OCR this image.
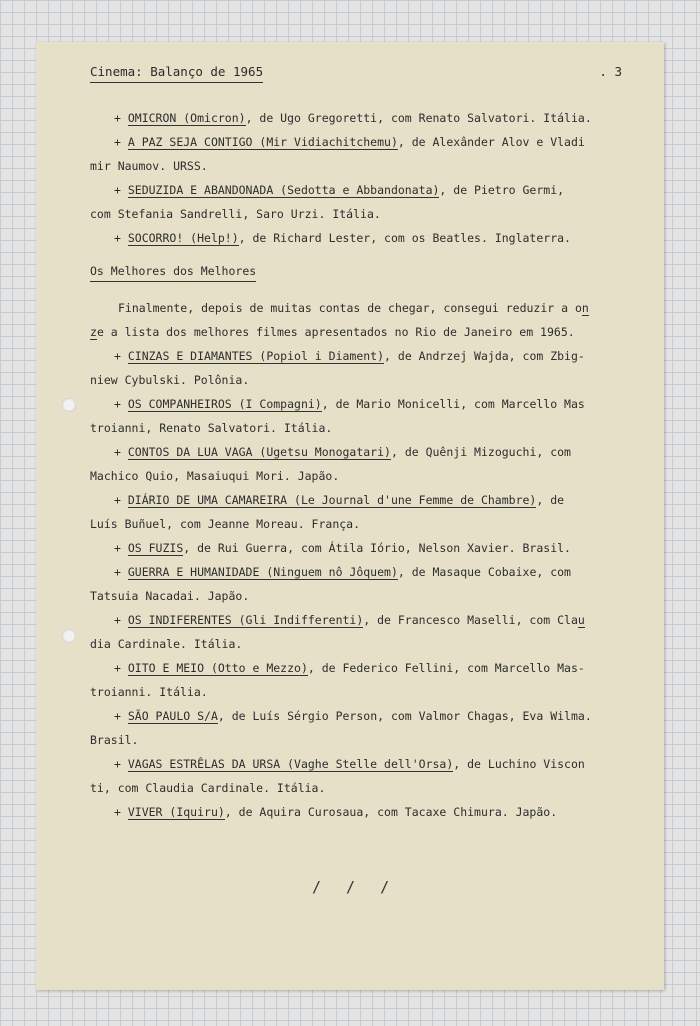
Cinema: Balanço de 1965	. 3
+ OMICRON (Omicron), de Ugo Gregoretti, com Renato Salvatori. Itália.
+ A PAZ SEJA CONTIGO (Mir Vidiachitchemu), de Alexânder Alov e Vladi
mir Naumov. URSS.
+ SEDUZIDA E ABANDONADA (Sedotta e Abbandonata), de Pietro Germi,
com Stefania Sandrelli, Saro Urzi. Itália.
+ SOCORRO! (Help!), de Richard Lester, com os Beatles. Inglaterra.
Os Melhores dos Melhores
Finalmente, depois de muitas contas de chegar, consegui reduzir a on
ze a lista dos melhores filmes apresentados no Rio de Janeiro em 1965.
+ CINZAS E DIAMANTES (Popiol i Diament), de Andrzej Wajda, com Zbig-
niew Cybulski. Polônia.
+ OS COMPANHEIROS (I Compagni), de Mario Monicelli, com Marcello Mas
troianni, Renato Salvatori. Itália.
+ CONTOS DA LUA VAGA (Ugetsu Monogatari), de Quênji Mizoguchi, com
Machico Quio, Masaiuqui Mori. Japão.
+ DIÁRIO DE UMA CAMAREIRA (Le Journal d'une Femme de Chambre), de
Luís Buñuel, com Jeanne Moreau. França.
+ OS FUZIS, de Rui Guerra, com Átila Iório, Nelson Xavier. Brasil.
+ GUERRA E HUMANIDADE (Ninguem nô Jôquem), de Masaque Cobaixe, com
Tatsuia Nacadai. Japão.
+ OS INDIFERENTES (Gli Indifferenti), de Francesco Maselli, com Clau
dia Cardinale. Itália.
+ OITO E MEIO (Otto e Mezzo), de Federico Fellini, com Marcello Mas-
troianni. Itália.
+ SÃO PAULO S/A, de Luís Sérgio Person, com Valmor Chagas, Eva Wilma.
Brasil.
+ VAGAS ESTRÊLAS DA URSA (Vaghe Stelle dell'Orsa), de Luchino Viscon
ti, com Claudia Cardinale. Itália.
+ VIVER (Iquiru), de Aquira Curosaua, com Tacaxe Chimura. Japão.
/ / /
